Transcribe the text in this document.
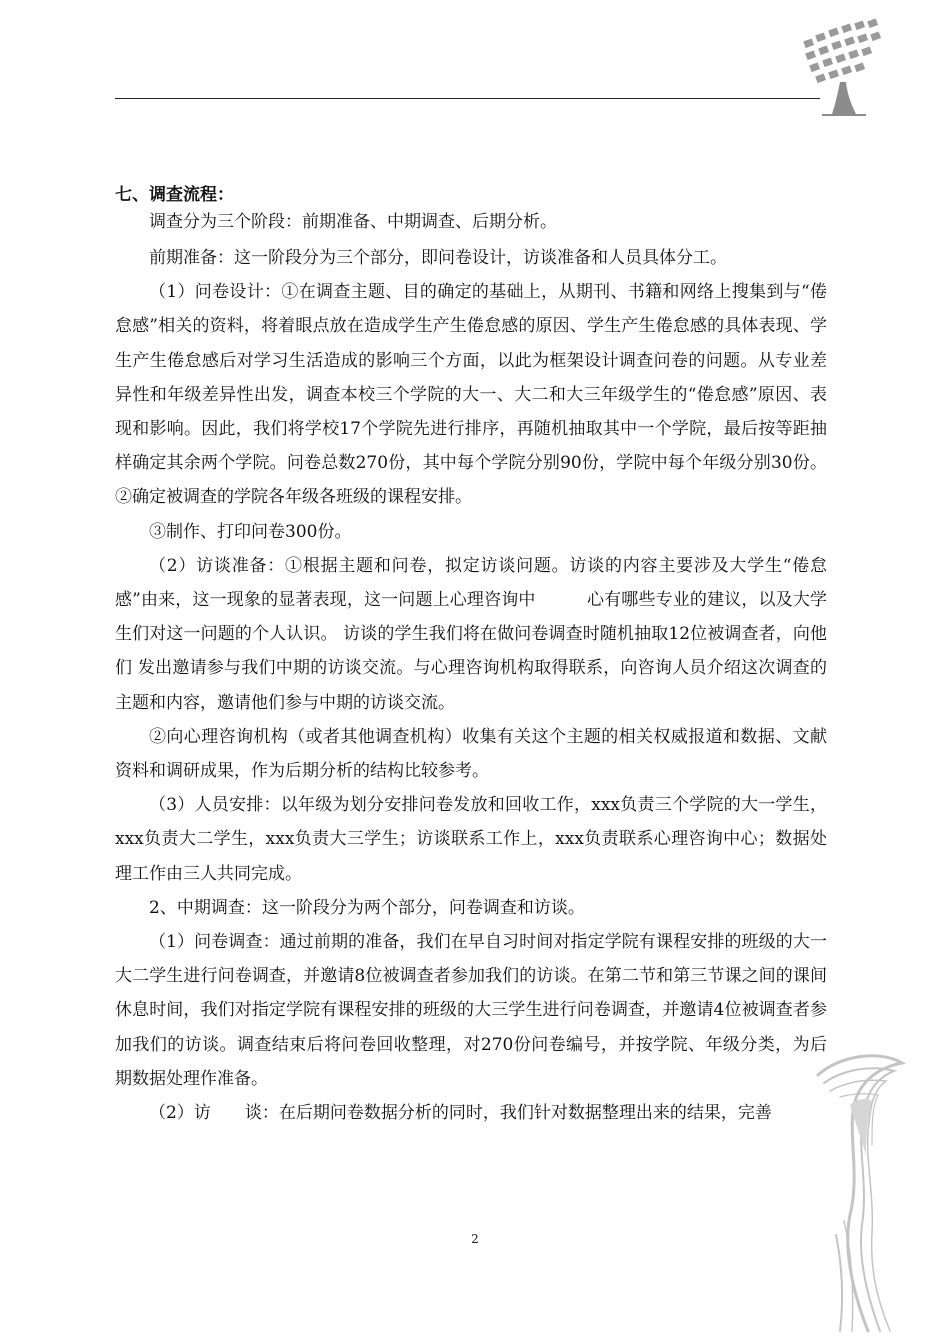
七、调查流程：

调查分为三个阶段：前期准备、中期调查、后期分析。

前期准备：这一阶段分为三个部分，即问卷设计，访谈准备和人员具体分工。

（1）问卷设计：①在调查主题、目的确定的基础上，从期刊、书籍和网络上搜集到与“倦怠感”相关的资料，将着眼点放在造成学生产生倦怠感的原因、学生产生倦怠感的具体表现、学生产生倦怠感后对学习生活造成的影响三个方面，以此为框架设计调查问卷的问题。从专业差异性和年级差异性出发，调查本校三个学院的大一、大二和大三年级学生的“倦怠感”原因、表现和影响。因此，我们将学校17个学院先进行排序，再随机抽取其中一个学院，最后按等距抽样确定其余两个学院。问卷总数270份，其中每个学院分别90份，学院中每个年级分别30份。②确定被调查的学院各年级各班级的课程安排。

③制作、打印问卷300份。

（2）访谈准备：①根据主题和问卷，拟定访谈问题。访谈的内容主要涉及大学生“倦怠感”由来，这一现象的显著表现，这一问题上心理咨询中　　　心有哪些专业的建议，以及大学生们对这一问题的个人认识。 访谈的学生我们将在做问卷调查时随机抽取12位被调查者，向他们 发出邀请参与我们中期的访谈交流。与心理咨询机构取得联系，向咨询人员介绍这次调查的主题和内容，邀请他们参与中期的访谈交流。

②向心理咨询机构（或者其他调查机构）收集有关这个主题的相关权威报道和数据、文献资料和调研成果，作为后期分析的结构比较参考。

（3）人员安排：以年级为划分安排问卷发放和回收工作，xxx负责三个学院的大一学生，xxx负责大二学生，xxx负责大三学生；访谈联系工作上，xxx负责联系心理咨询中心；数据处理工作由三人共同完成。

2、中期调查：这一阶段分为两个部分，问卷调查和访谈。

（1）问卷调查：通过前期的准备，我们在早自习时间对指定学院有课程安排的班级的大一大二学生进行问卷调查，并邀请8位被调查者参加我们的访谈。在第二节和第三节课之间的课间休息时间，我们对指定学院有课程安排的班级的大三学生进行问卷调查，并邀请4位被调查者参加我们的访谈。调查结束后将问卷回收整理，对270份问卷编号，并按学院、年级分类，为后期数据处理作准备。

（2）访　　谈：在后期问卷数据分析的同时，我们针对数据整理出来的结果，完善

2
